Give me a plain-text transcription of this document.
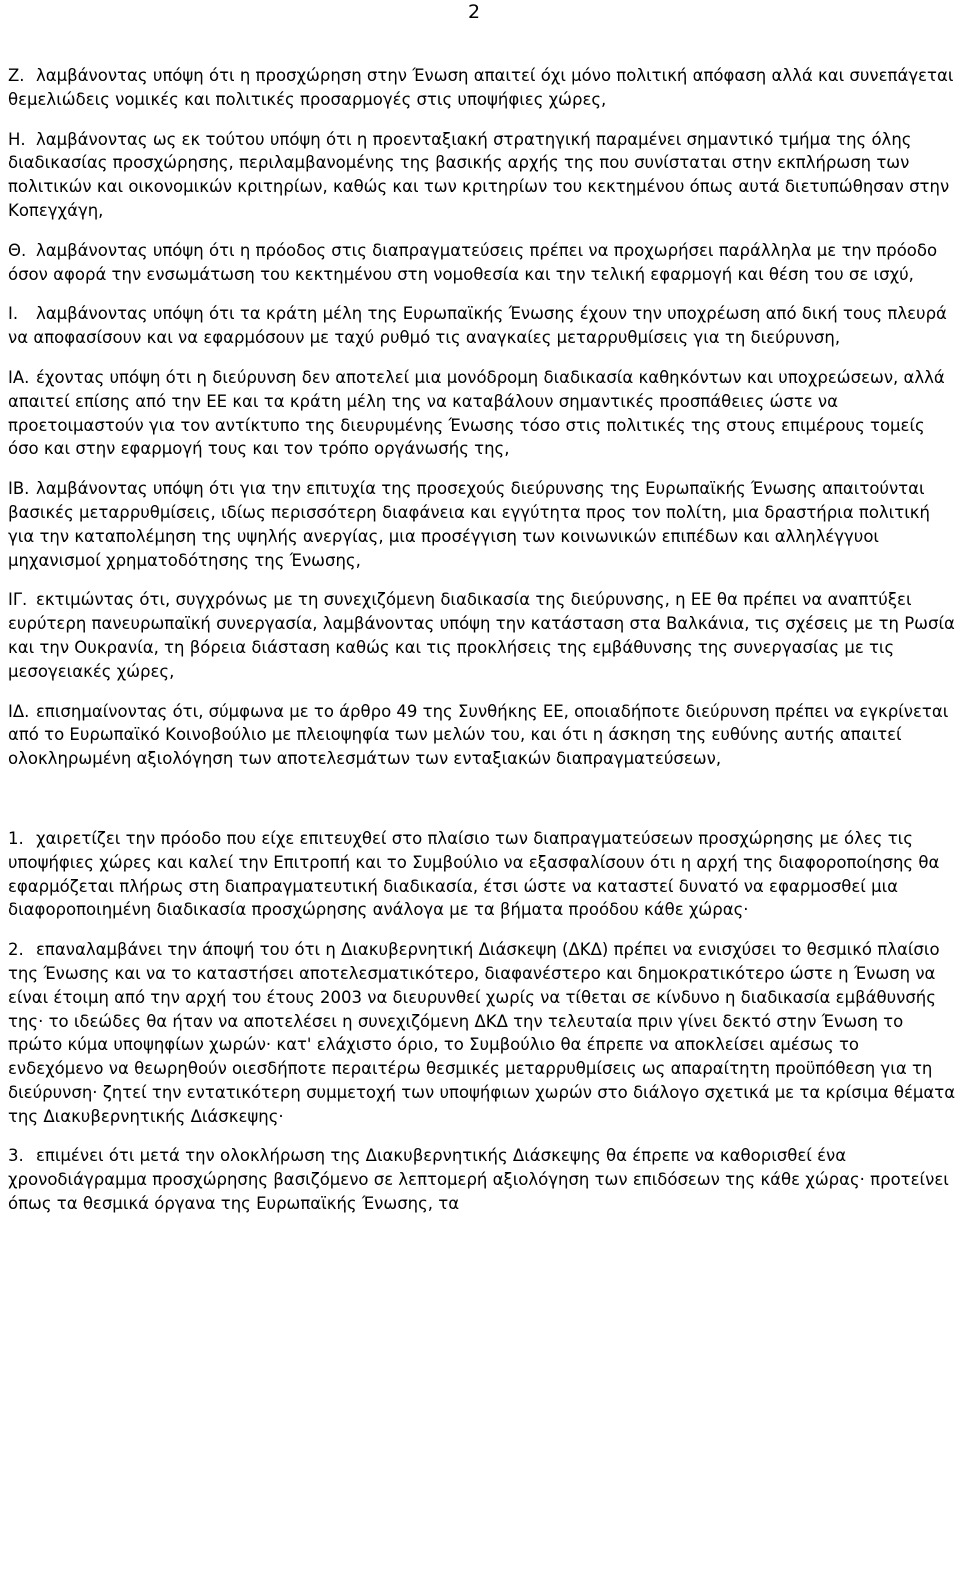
2

Ζ. λαμβάνοντας υπόψη ότι η προσχώρηση στην Ένωση απαιτεί όχι μόνο πολιτική απόφαση αλλά και συνεπάγεται θεμελιώδεις νομικές και πολιτικές προσαρμογές στις υποψήφιες χώρες,

Η. λαμβάνοντας ως εκ τούτου υπόψη ότι η προενταξιακή στρατηγική παραμένει σημαντικό τμήμα της όλης διαδικασίας προσχώρησης, περιλαμβανομένης της βασικής αρχής της που συνίσταται στην εκπλήρωση των πολιτικών και οικονομικών κριτηρίων, καθώς και των κριτηρίων του κεκτημένου όπως αυτά διετυπώθησαν στην Κοπεγχάγη,

Θ. λαμβάνοντας υπόψη ότι η πρόοδος στις διαπραγματεύσεις πρέπει να προχωρήσει παράλληλα με την πρόοδο όσον αφορά την ενσωμάτωση του κεκτημένου στη νομοθεσία και την τελική εφαρμογή και θέση του σε ισχύ,

Ι. λαμβάνοντας υπόψη ότι τα κράτη μέλη της Ευρωπαϊκής Ένωσης έχουν την υποχρέωση από δική τους πλευρά να αποφασίσουν και να εφαρμόσουν με ταχύ ρυθμό τις αναγκαίες μεταρρυθμίσεις για τη διεύρυνση,

ΙΑ. έχοντας υπόψη ότι η διεύρυνση δεν αποτελεί μια μονόδρομη διαδικασία καθηκόντων και υποχρεώσεων, αλλά απαιτεί επίσης από την ΕΕ και τα κράτη μέλη της να καταβάλουν σημαντικές προσπάθειες ώστε να προετοιμαστούν για τον αντίκτυπο της διευρυμένης Ένωσης τόσο στις πολιτικές της στους επιμέρους τομείς όσο και στην εφαρμογή τους και τον τρόπο οργάνωσής της,

ΙΒ. λαμβάνοντας υπόψη ότι για την επιτυχία της προσεχούς διεύρυνσης της Ευρωπαϊκής Ένωσης απαιτούνται βασικές μεταρρυθμίσεις, ιδίως περισσότερη διαφάνεια και εγγύτητα προς τον πολίτη, μια δραστήρια πολιτική για την καταπολέμηση της υψηλής ανεργίας, μια προσέγγιση των κοινωνικών επιπέδων και αλληλέγγυοι μηχανισμοί χρηματοδότησης της Ένωσης,

ΙΓ. εκτιμώντας ότι, συγχρόνως με τη συνεχιζόμενη διαδικασία της διεύρυνσης, η ΕΕ θα πρέπει να αναπτύξει ευρύτερη πανευρωπαϊκή συνεργασία, λαμβάνοντας υπόψη την κατάσταση στα Βαλκάνια, τις σχέσεις με τη Ρωσία και την Ουκρανία, τη βόρεια διάσταση καθώς και τις προκλήσεις της εμβάθυνσης της συνεργασίας με τις μεσογειακές χώρες,

ΙΔ. επισημαίνοντας ότι, σύμφωνα με το άρθρο 49 της Συνθήκης ΕΕ, οποιαδήποτε διεύρυνση πρέπει να εγκρίνεται από το Ευρωπαϊκό Κοινοβούλιο με πλειοψηφία των μελών του, και ότι η άσκηση της ευθύνης αυτής απαιτεί ολοκληρωμένη αξιολόγηση των αποτελεσμάτων των ενταξιακών διαπραγματεύσεων,

1. χαιρετίζει την πρόοδο που είχε επιτευχθεί στο πλαίσιο των διαπραγματεύσεων προσχώρησης με όλες τις υποψήφιες χώρες και καλεί την Επιτροπή και το Συμβούλιο να εξασφαλίσουν ότι η αρχή της διαφοροποίησης θα εφαρμόζεται πλήρως στη διαπραγματευτική διαδικασία, έτσι ώστε να καταστεί δυνατό να εφαρμοσθεί μια διαφοροποιημένη διαδικασία προσχώρησης ανάλογα με τα βήματα προόδου κάθε χώρας·

2. επαναλαμβάνει την άποψή του ότι η Διακυβερνητική Διάσκεψη (ΔΚΔ) πρέπει να ενισχύσει το θεσμικό πλαίσιο της Ένωσης και να το καταστήσει αποτελεσματικότερο, διαφανέστερο και δημοκρατικότερο ώστε η Ένωση να είναι έτοιμη από την αρχή του έτους 2003 να διευρυνθεί χωρίς να τίθεται σε κίνδυνο η διαδικασία εμβάθυνσής της· το ιδεώδες θα ήταν να αποτελέσει η συνεχιζόμενη ΔΚΔ την τελευταία πριν γίνει δεκτό στην Ένωση το πρώτο κύμα υποψηφίων χωρών· κατ' ελάχιστο όριο, το Συμβούλιο θα έπρεπε να αποκλείσει αμέσως το ενδεχόμενο να θεωρηθούν οιεσδήποτε περαιτέρω θεσμικές μεταρρυθμίσεις ως απαραίτητη προϋπόθεση για τη διεύρυνση· ζητεί την εντατικότερη συμμετοχή των υποψήφιων χωρών στο διάλογο σχετικά με τα κρίσιμα θέματα της Διακυβερνητικής Διάσκεψης·

3. επιμένει ότι μετά την ολοκλήρωση της Διακυβερνητικής Διάσκεψης θα έπρεπε να καθορισθεί ένα χρονοδιάγραμμα προσχώρησης βασιζόμενο σε λεπτομερή αξιολόγηση των επιδόσεων της κάθε χώρας· προτείνει όπως τα θεσμικά όργανα της Ευρωπαϊκής Ένωσης, τα
